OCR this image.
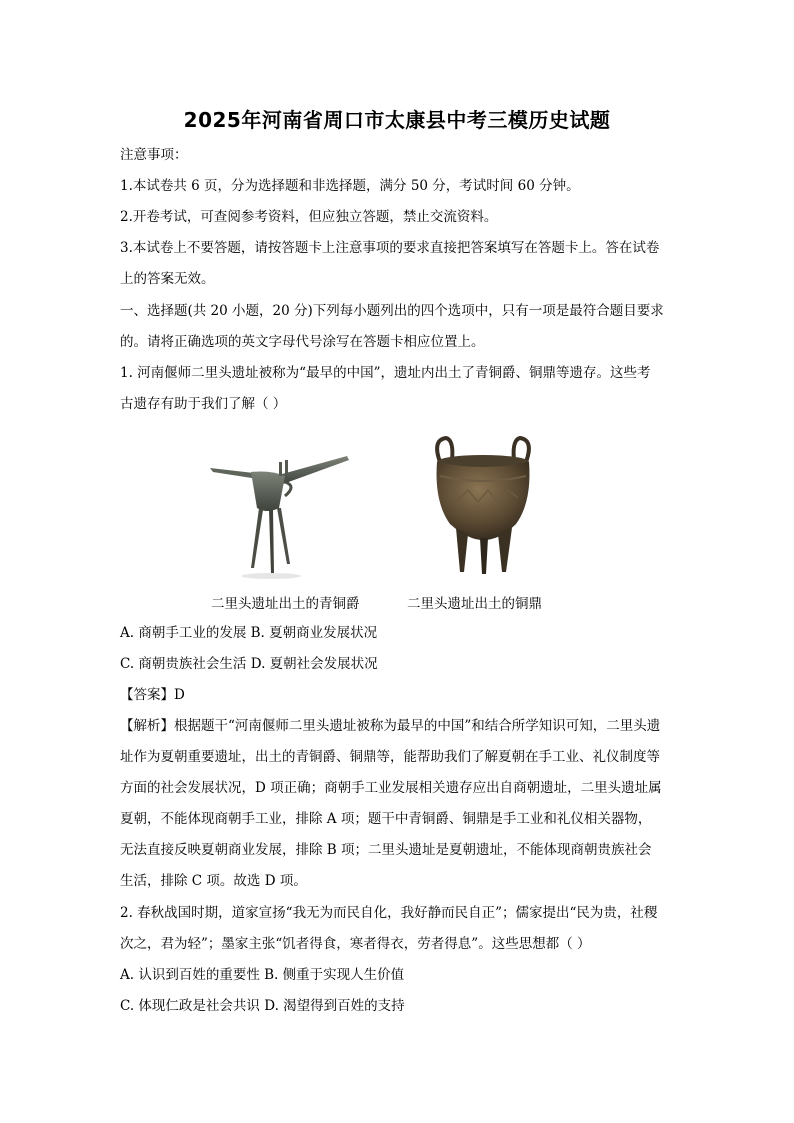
2025年河南省周口市太康县中考三模历史试题
注意事项：
1.本试卷共 6 页，分为选择题和非选择题，满分 50 分，考试时间 60 分钟。
2.开卷考试，可查阅参考资料，但应独立答题，禁止交流资料。
3.本试卷上不要答题，请按答题卡上注意事项的要求直接把答案填写在答题卡上。答在试卷
上的答案无效。
一、选择题(共 20 小题，20 分)下列每小题列出的四个选项中，只有一项是最符合题目要求
的。请将正确选项的英文字母代号涂写在答题卡相应位置上。
1. 河南偃师二里头遗址被称为“最早的中国”，遗址内出土了青铜爵、铜鼎等遗存。这些考
古遗存有助于我们了解（ ）
二里头遗址出土的青铜爵	二里头遗址出土的铜鼎
A. 商朝手工业的发展 B. 夏朝商业发展状况
C. 商朝贵族社会生活 D. 夏朝社会发展状况
【答案】D
【解析】根据题干“河南偃师二里头遗址被称为最早的中国”和结合所学知识可知，二里头遗
址作为夏朝重要遗址，出土的青铜爵、铜鼎等，能帮助我们了解夏朝在手工业、礼仪制度等
方面的社会发展状况，D 项正确；商朝手工业发展相关遗存应出自商朝遗址，二里头遗址属
夏朝，不能体现商朝手工业，排除 A 项；题干中青铜爵、铜鼎是手工业和礼仪相关器物，
无法直接反映夏朝商业发展，排除 B 项；二里头遗址是夏朝遗址，不能体现商朝贵族社会
生活，排除 C 项。故选 D 项。
2. 春秋战国时期，道家宣扬“我无为而民自化，我好静而民自正”；儒家提出“民为贵，社稷
次之，君为轻”；墨家主张“饥者得食，寒者得衣，劳者得息”。这些思想都（ ）
A. 认识到百姓的重要性 B. 侧重于实现人生价值
C. 体现仁政是社会共识 D. 渴望得到百姓的支持
